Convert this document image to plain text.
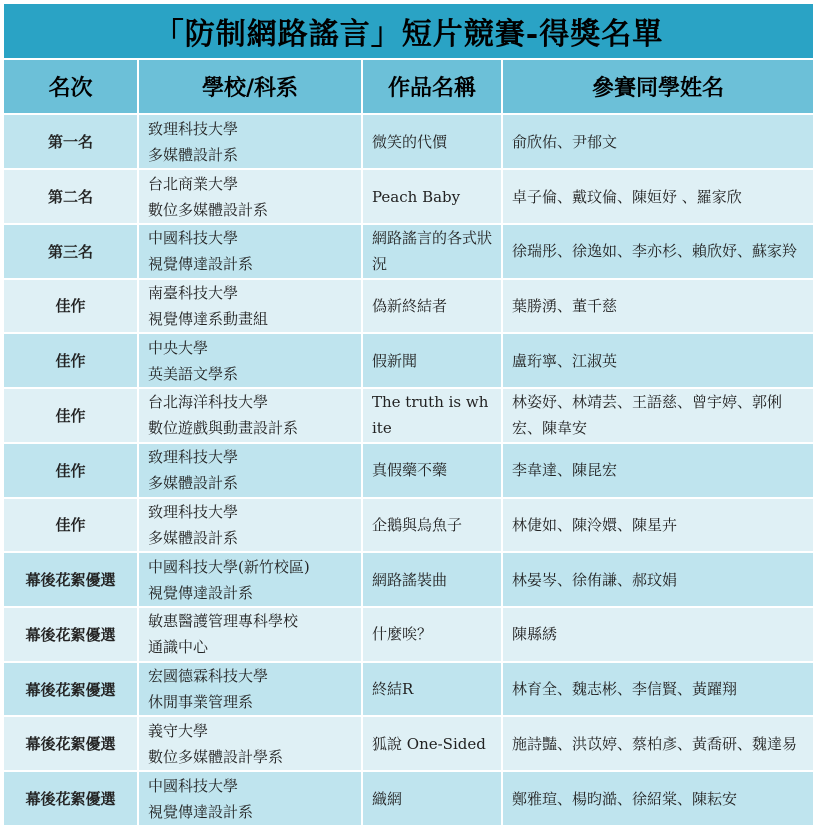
「防制網路謠言」短片競賽-得獎名單			
名次	學校/科系	作品名稱	參賽同學姓名
第一名	致理科技大學
多媒體設計系	微笑的代價	俞欣佑、尹郁文

第二名	台北商業大學
數位多媒體設計系	Peach Baby	卓子倫、戴玟倫、陳姮妤 、羅家欣

第三名	中國科技大學
視覺傳達設計系	網路謠言的各式狀況	徐瑞彤、徐逸如、李亦杉、賴欣妤、蘇家羚

佳作	南臺科技大學
視覺傳達系動畫組	偽新終結者	葉勝湧、董千慈

佳作	中央大學
英美語文學系	假新聞	盧珩寧、江淑英

佳作	台北海洋科技大學
數位遊戲與動畫設計系	The truth is white	林姿妤、林靖芸、王語慈、曾宇婷、郭俐宏、陳韋安

佳作	致理科技大學
多媒體設計系	真假藥不藥	李韋達、陳昆宏

佳作	致理科技大學
多媒體設計系	企鵝與烏魚子	林倢如、陳泠嬛、陳星卉

幕後花絮優選	中國科技大學(新竹校區)
視覺傳達設計系	網路謠裝曲	林晏岑、徐侑謙、郝玟娟

幕後花絮優選	敏惠醫護管理專科學校
通識中心	什麼唉？	陳縣綉

幕後花絮優選	宏國德霖科技大學
休閒事業管理系	終結R	林育全、魏志彬、李信賢、黃躍翔

幕後花絮優選	義守大學
數位多媒體設計學系	狐說 One-Sided	施詩豔、洪苡婷、蔡柏彥、黃喬研、魏達易

幕後花絮優選	中國科技大學
視覺傳達設計系	織網	鄭雅瑄、楊昀澔、徐紹棠、陳耘安
